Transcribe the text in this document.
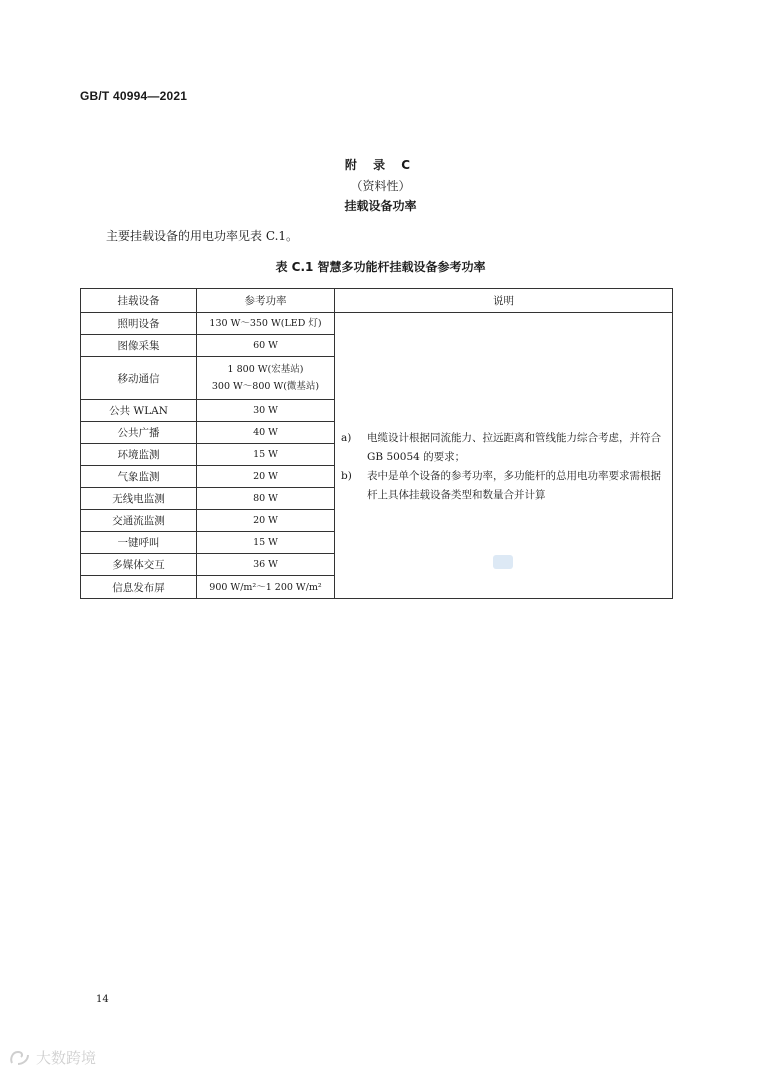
GB/T 40994—2021
附 录 C
（资料性）
挂载设备功率
主要挂载设备的用电功率见表 C.1。
表 C.1 智慧多功能杆挂载设备参考功率
挂载设备	参考功率	说明
照明设备	130 W～350 W(LED 灯)	a) 电缆设计根据同流能力、拉远距离和管线能力综合考虑，并符合 GB 50054 的要求；
b) 表中是单个设备的参考功率，多功能杆的总用电功率要求需根据杆上具体挂载设备类型和数量合并计算

图像采集	60 W	

移动通信	1 800 W(宏基站)
300 W～800 W(微基站)	

公共 WLAN	30 W	

公共广播	40 W	

环境监测	15 W	

气象监测	20 W	

无线电监测	80 W	

交通流监测	20 W	

一键呼叫	15 W	

多媒体交互	36 W	

信息发布屏	900 W/m²～1 200 W/m²	
14
大数跨境
